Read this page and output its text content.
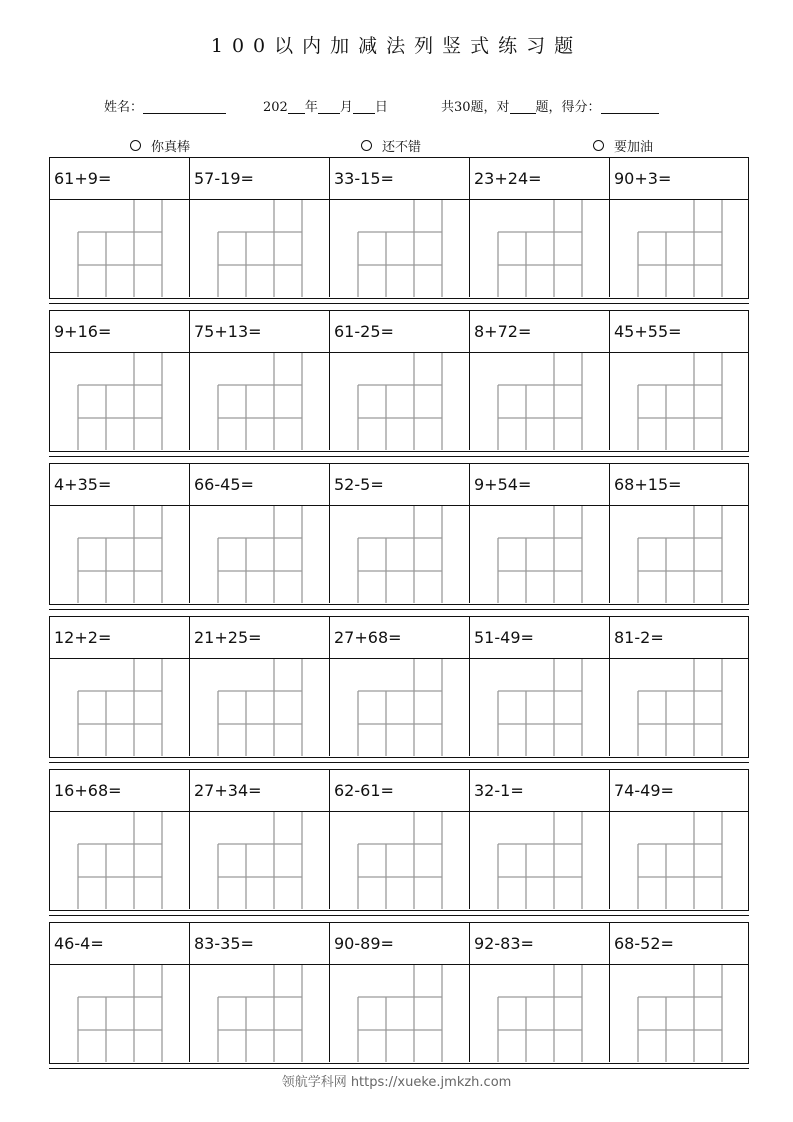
100以内加减法列竖式练习题
姓名：	202 年 月 日	共30题，对 题，得分：
你真棒	还不错	要加油
61+9=	57-19=	33-15=	23+24=	90+3=
9+16=	75+13=	61-25=	8+72=	45+55=
4+35=	66-45=	52-5=	9+54=	68+15=
12+2=	21+25=	27+68=	51-49=	81-2=
16+68=	27+34=	62-61=	32-1=	74-49=
46-4=	83-35=	90-89=	92-83=	68-52=
领航学科网 https://xueke.jmkzh.com
